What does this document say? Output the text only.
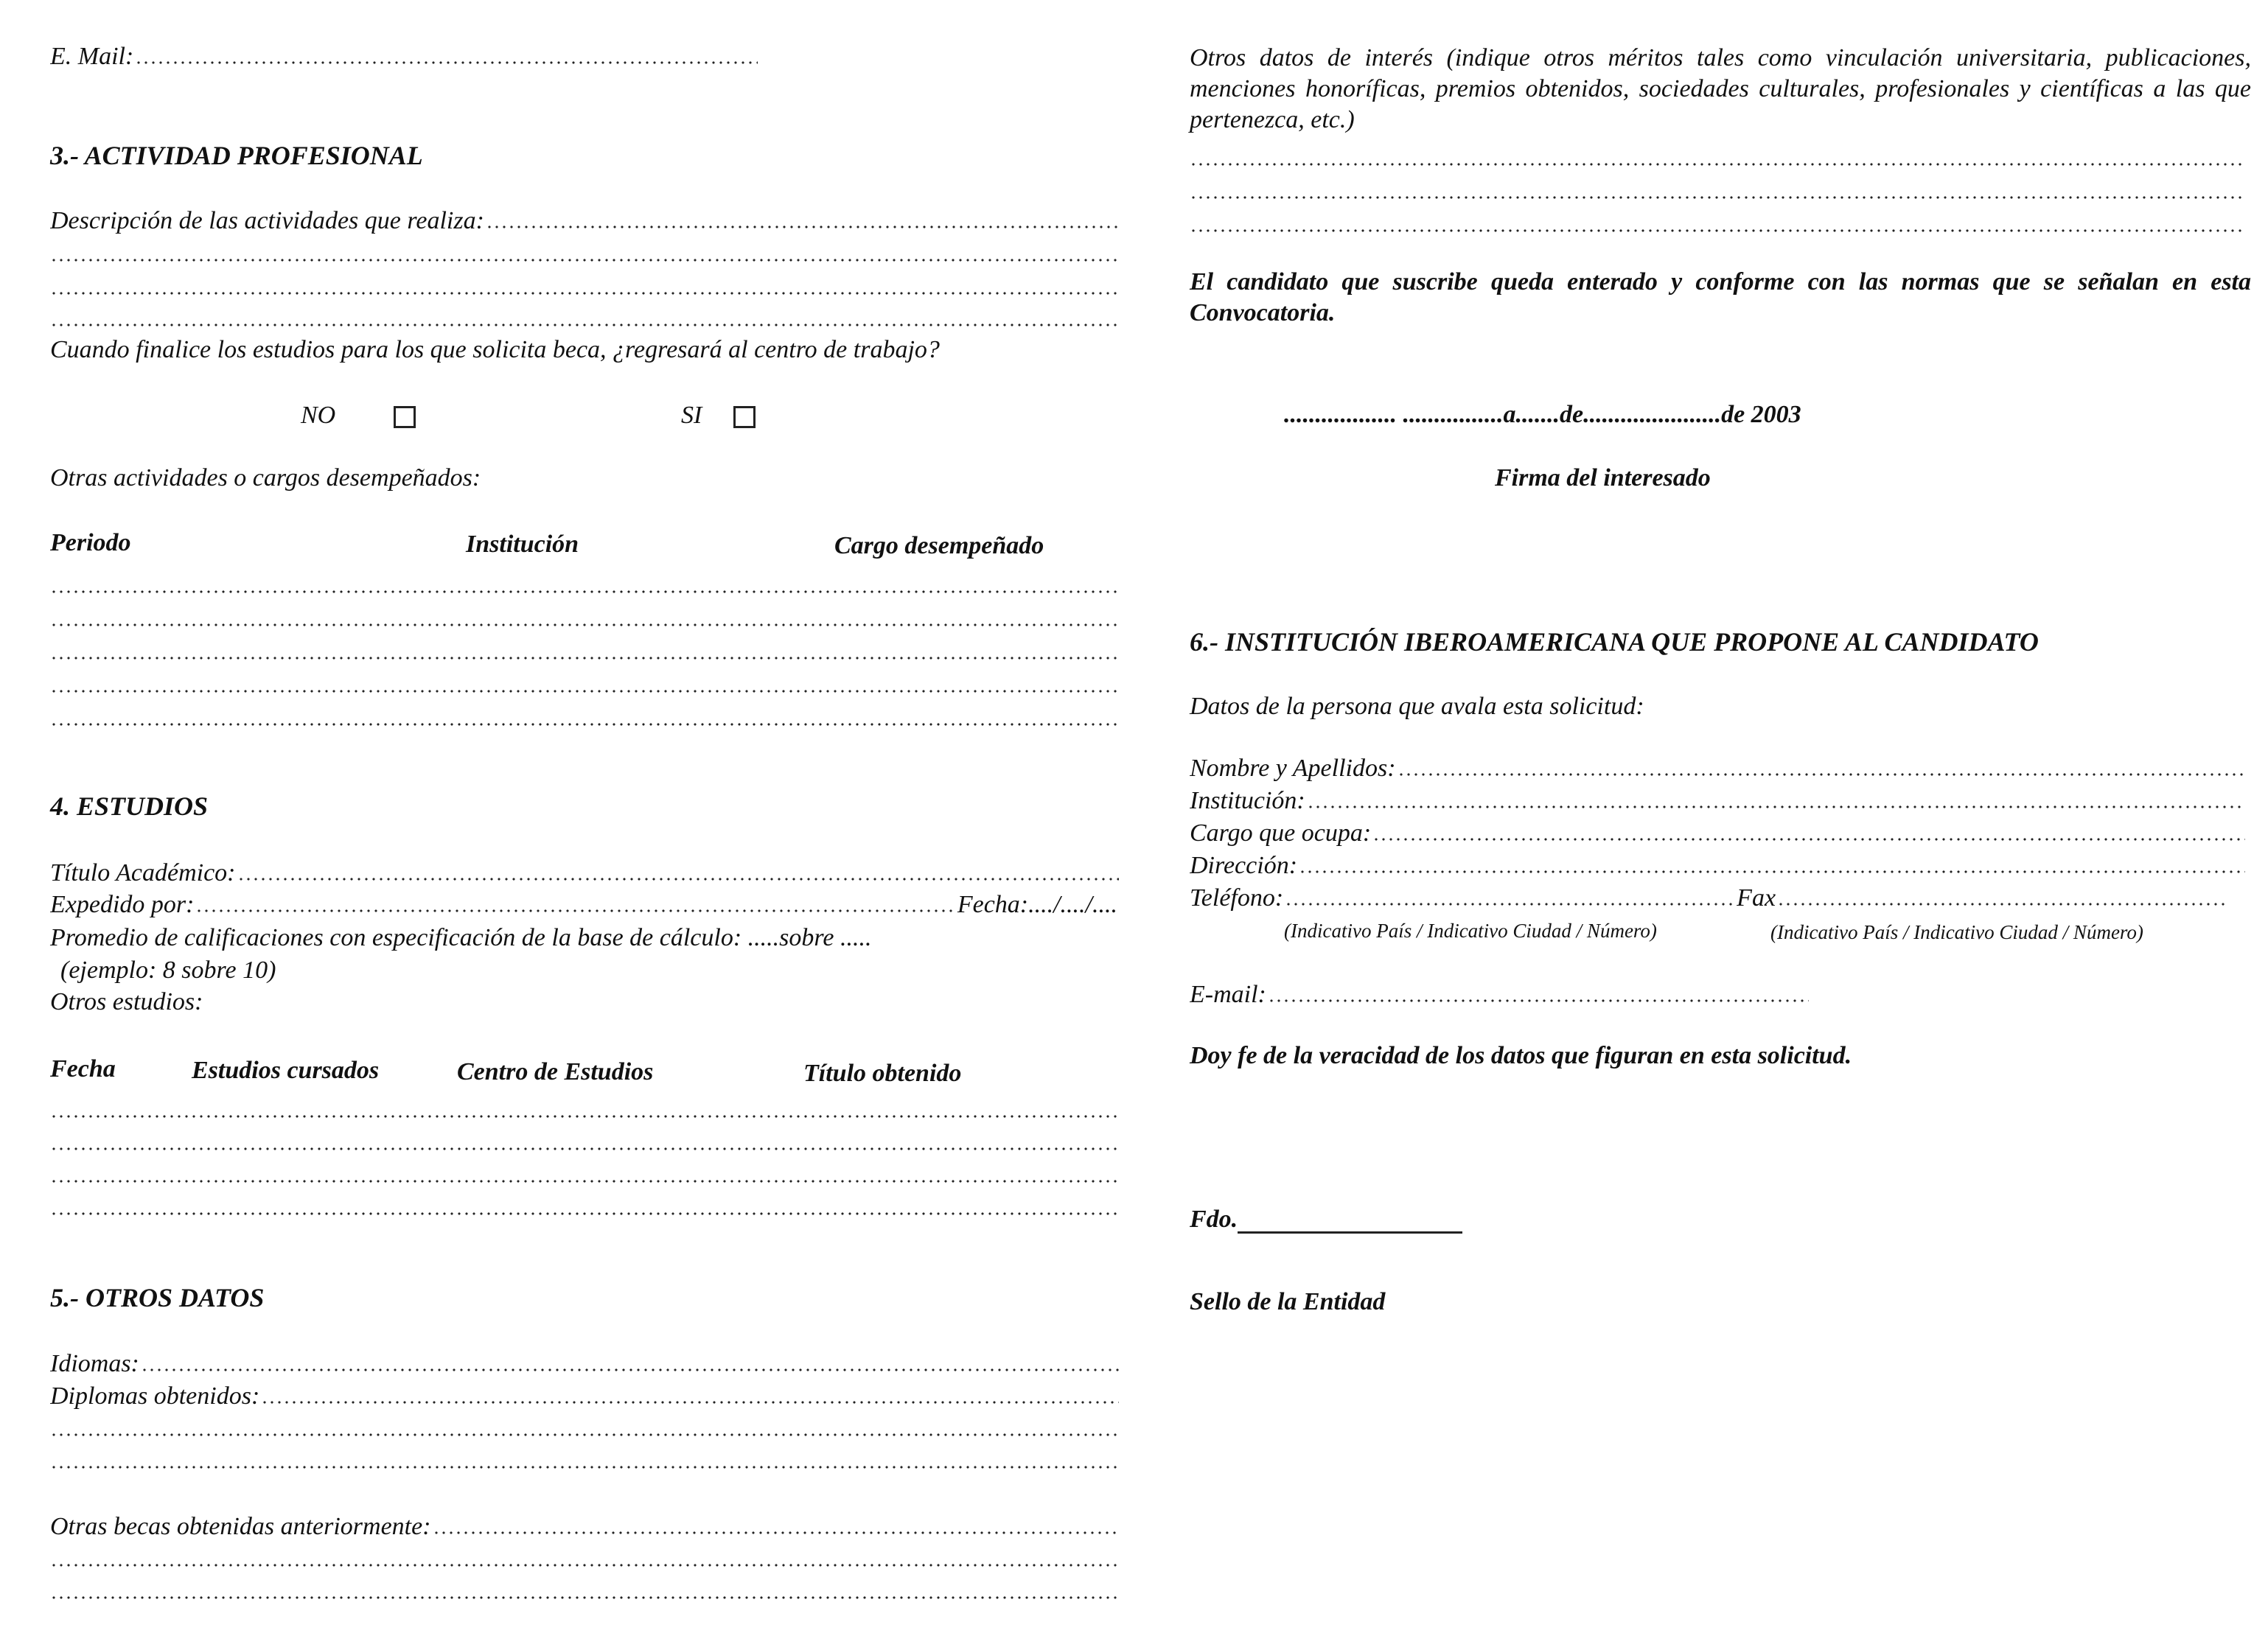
E. Mail:
3.- ACTIVIDAD PROFESIONAL
Descripción de las actividades que realiza:
Cuando finalice los estudios para los que solicita beca, ¿regresará al centro de trabajo?
NO	SI
Otras actividades o cargos desempeñados:
Periodo	Institución	Cargo desempeñado
4. ESTUDIOS
Título Académico:
Expedido por:	Fecha:..../..../....
Promedio de calificaciones con especificación de la base de cálculo: .....sobre .....
(ejemplo: 8 sobre 10)
Otros estudios:
Fecha	Estudios cursados	Centro de Estudios	Título obtenido
5.- OTROS DATOS
Idiomas:
Diplomas obtenidos:
Otras becas obtenidas anteriormente:
Otros datos de interés (indique otros méritos tales como vinculación universitaria, publicaciones, menciones honoríficas, premios obtenidos, sociedades culturales, profesionales y científicas a las que pertenezca, etc.)
El candidato que suscribe queda enterado y conforme con las normas que se señalan en esta Convocatoria.
.................. ................a.......de......................de 2003
Firma del interesado
6.- INSTITUCIÓN IBEROAMERICANA QUE PROPONE AL CANDIDATO
Datos de la persona que avala esta solicitud:
Nombre y Apellidos:
Institución:
Cargo que ocupa:
Dirección:
Teléfono:	Fax
(Indicativo País / Indicativo Ciudad / Número)	(Indicativo País / Indicativo Ciudad / Número)
E-mail:
Doy fe de la veracidad de los datos que figuran en esta solicitud.
Fdo.
Sello de la Entidad
